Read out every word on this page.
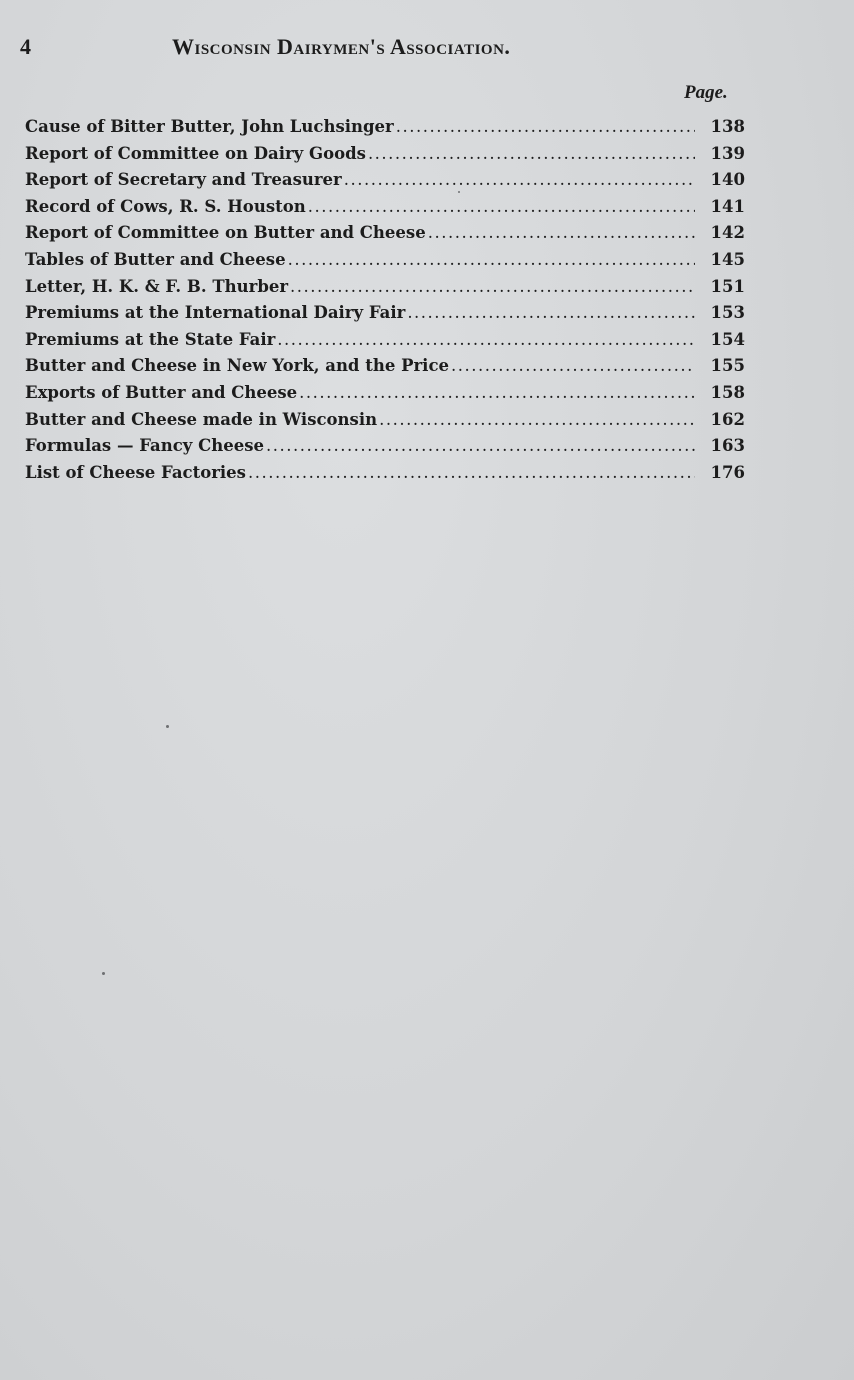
4	Wisconsin Dairymen's Association.
Page.
Cause of Bitter Butter, John Luchsinger .....	138
Report of Committee on Dairy Goods .....	139
Report of Secretary and Treasurer .....	140
Record of Cows, R. S. Houston .....	141
Report of Committee on Butter and Cheese .....	142
Tables of Butter and Cheese .....	145
Letter, H. K. & F. B. Thurber .....	151
Premiums at the International Dairy Fair .....	153
Premiums at the State Fair .....	154
Butter and Cheese in New York, and the Price .....	155
Exports of Butter and Cheese .....	158
Butter and Cheese made in Wisconsin .....	162
Formulas — Fancy Cheese .....	163
List of Cheese Factories .....	176
